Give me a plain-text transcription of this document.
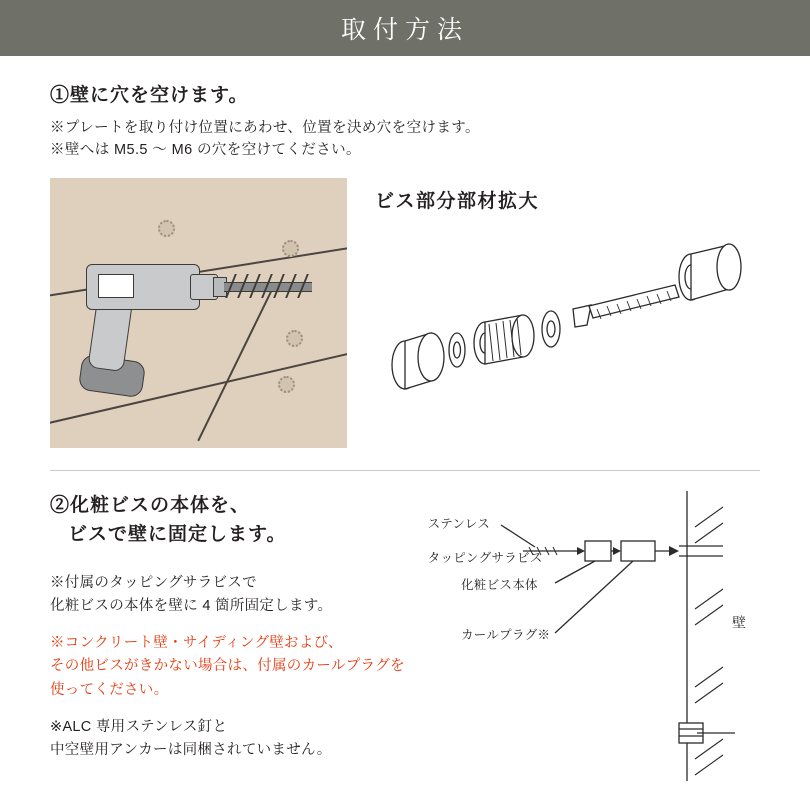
取付方法
①壁に穴を空けます。

※プレートを取り付け位置にあわせ、位置を決め穴を空けます。

※壁へは M5.5 ～ M6 の穴を空けてください。

ビス部分部材拡大
②化粧ビスの本体を、
ビスで壁に固定します。

※付属のタッピングサラビスで
化粧ビスの本体を壁に 4 箇所固定します。

※コンクリート壁・サイディング壁および、
その他ビスがきかない場合は、付属のカールプラグを使ってください。

※ALC 専用ステンレス釘と
中空壁用アンカーは同梱されていません。

ステンレス

タッピングサラビス

化粧ビス本体
カールプラグ※
壁
